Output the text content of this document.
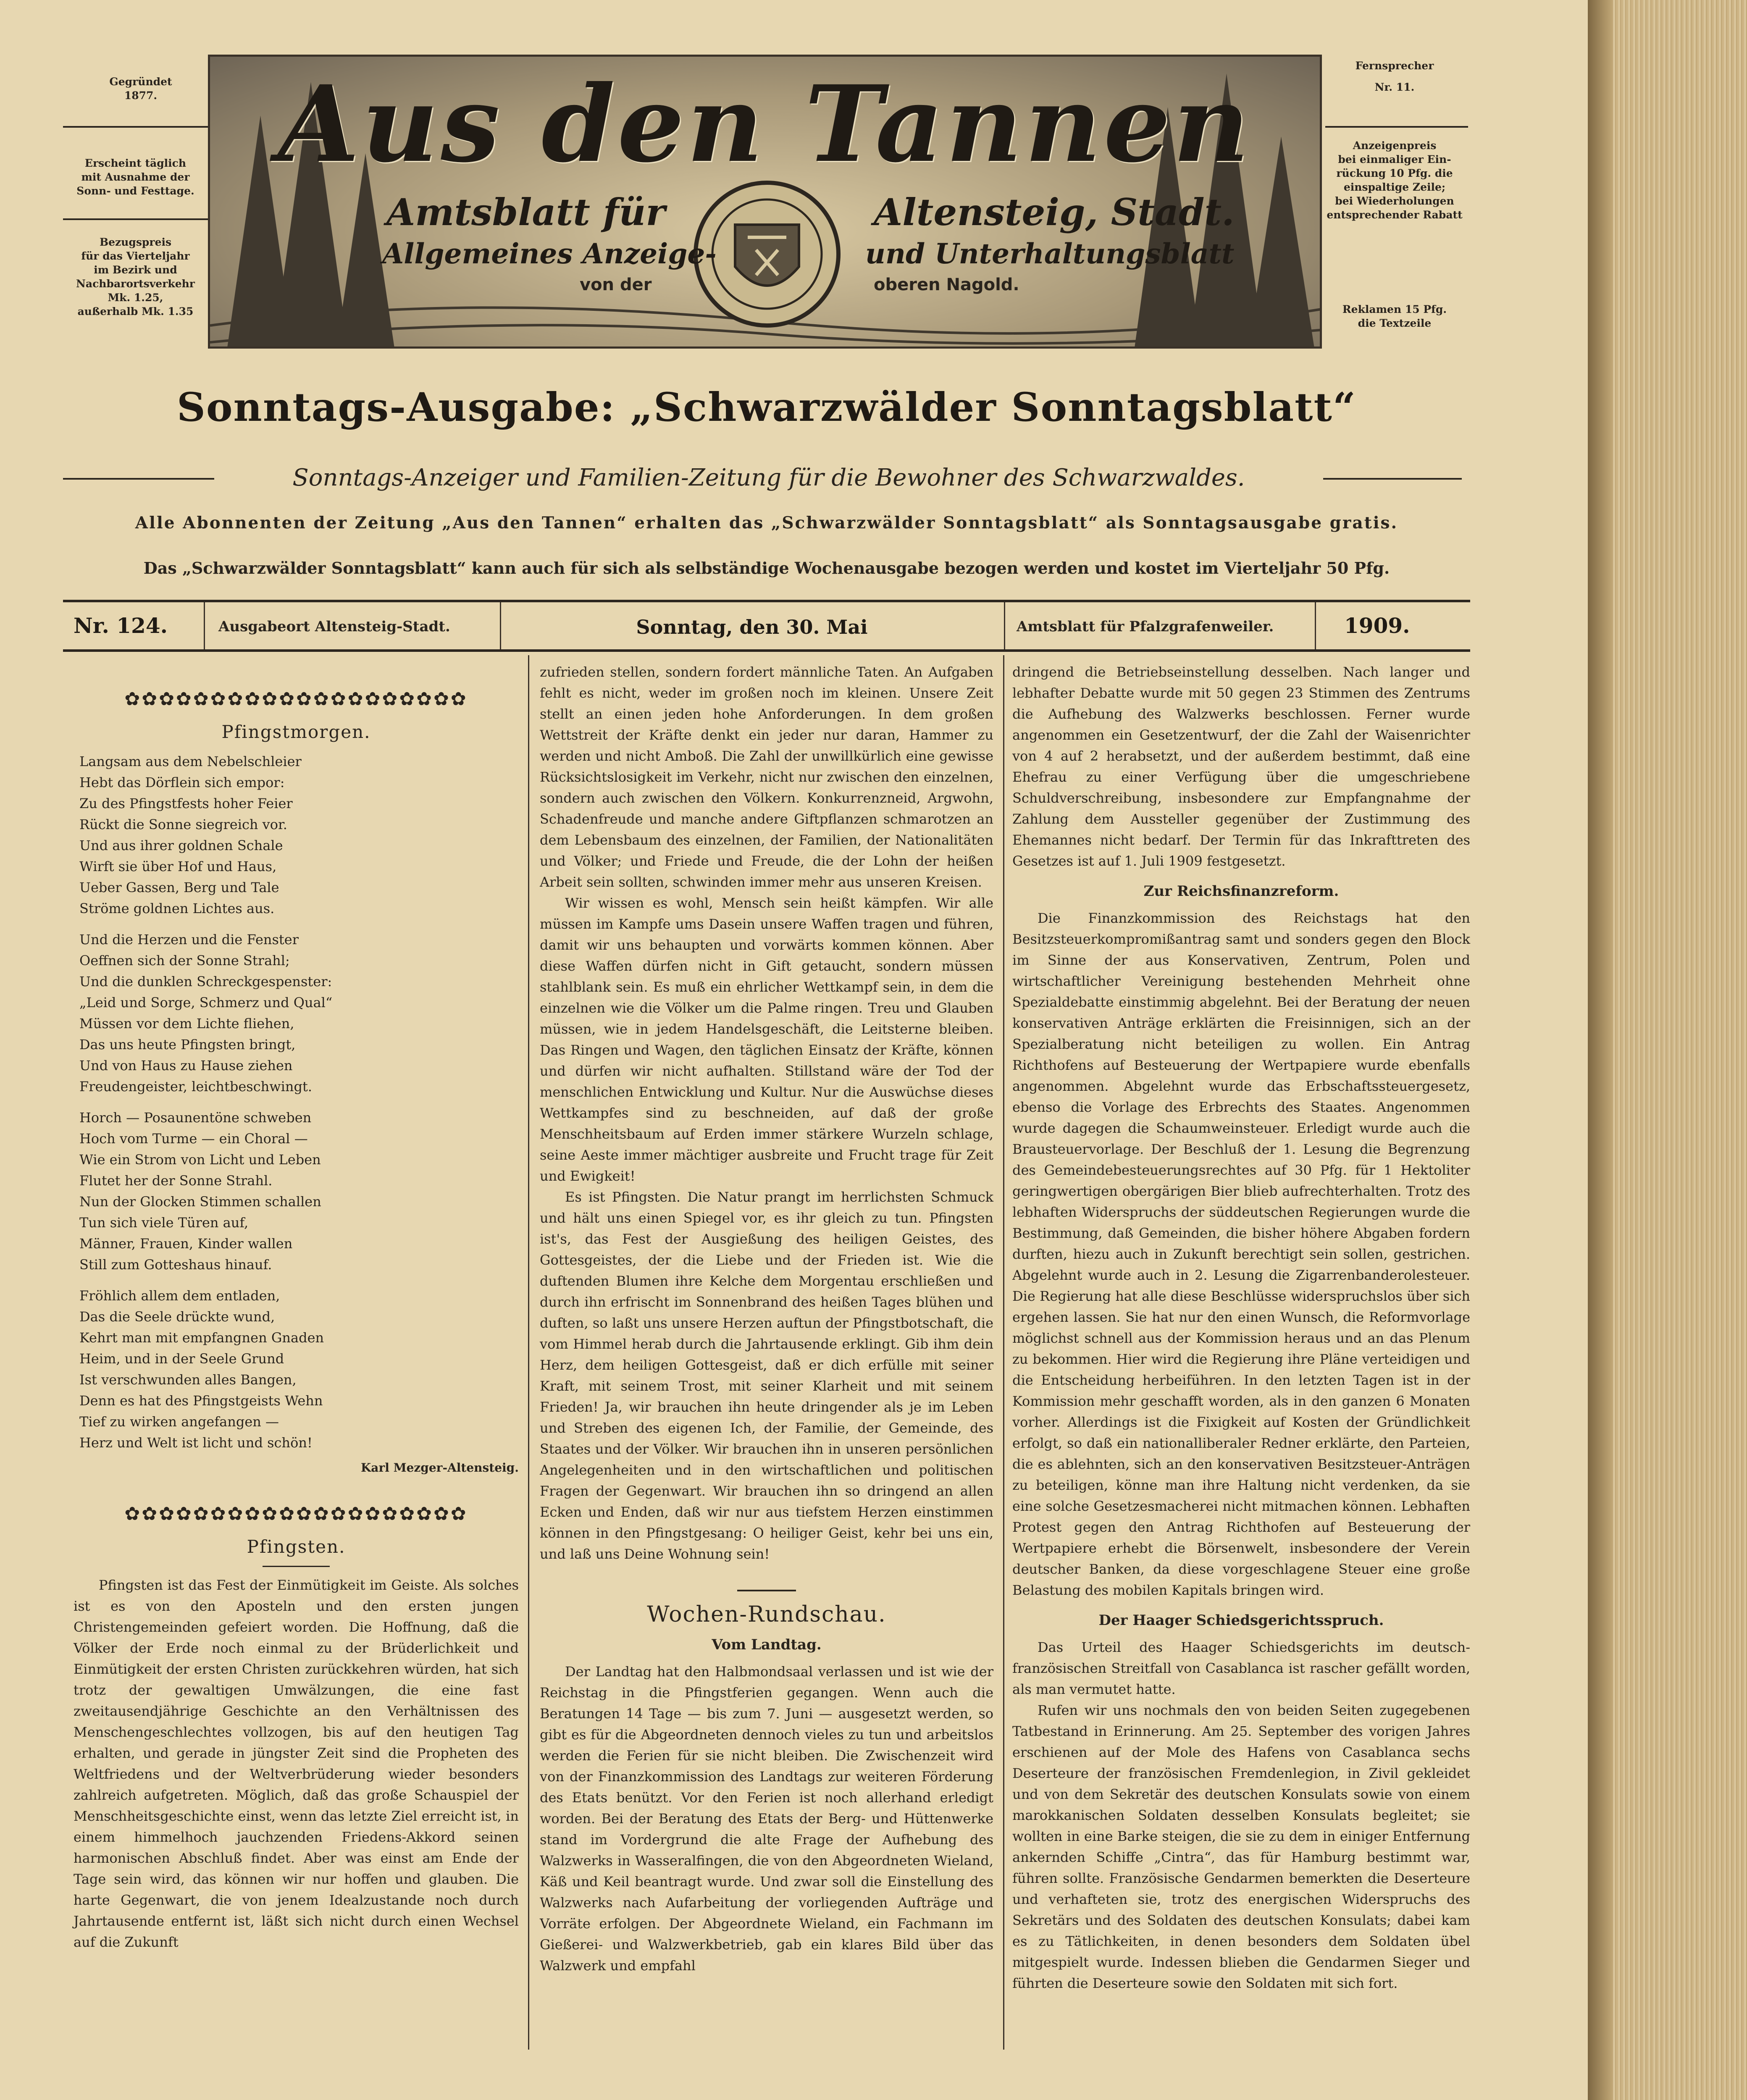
Gegründet
1877.
Erscheint täglich
mit Ausnahme der
Sonn- und Festtage.
Bezugspreis
für das Vierteljahr
im Bezirk und
Nachbarortsverkehr
Mk. 1.25,
außerhalb Mk. 1.35
Aus den Tannen
Amtsblatt für	Altensteig, Stadt.
Allgemeines Anzeige-	und Unterhaltungsblatt
von der	oberen Nagold.
Fernsprecher
Nr. 11.
Anzeigenpreis
bei einmaliger Ein-
rückung 10 Pfg. die
einspaltige Zeile;
bei Wiederholungen
entsprechender Rabatt
Reklamen 15 Pfg.
die Textzeile
Sonntags-Ausgabe: „Schwarzwälder Sonntagsblatt“
Sonntags-Anzeiger und Familien-Zeitung für die Bewohner des Schwarzwaldes.
Alle Abonnenten der Zeitung „Aus den Tannen“ erhalten das „Schwarzwälder Sonntagsblatt“ als Sonntagsausgabe gratis.
Das „Schwarzwälder Sonntagsblatt“ kann auch für sich als selbständige Wochenausgabe bezogen werden und kostet im Vierteljahr 50 Pfg.
Nr. 124.	Ausgabeort Altensteig-Stadt.	Sonntag, den 30. Mai	Amtsblatt für Pfalzgrafenweiler.	1909.
✿✿✿✿✿✿✿✿✿✿✿✿✿✿✿✿✿✿✿✿
Pfingstmorgen.
Langsam aus dem Nebelschleier
Hebt das Dörflein sich empor:
Zu des Pfingstfests hoher Feier
Rückt die Sonne siegreich vor.
Und aus ihrer goldnen Schale
Wirft sie über Hof und Haus,
Ueber Gassen, Berg und Tale
Ströme goldnen Lichtes aus.
Und die Herzen und die Fenster
Oeffnen sich der Sonne Strahl;
Und die dunklen Schreckgespenster:
„Leid und Sorge, Schmerz und Qual“
Müssen vor dem Lichte fliehen,
Das uns heute Pfingsten bringt,
Und von Haus zu Hause ziehen
Freudengeister, leichtbeschwingt.
Horch — Posaunentöne schweben
Hoch vom Turme — ein Choral —
Wie ein Strom von Licht und Leben
Flutet her der Sonne Strahl.
Nun der Glocken Stimmen schallen
Tun sich viele Türen auf,
Männer, Frauen, Kinder wallen
Still zum Gotteshaus hinauf.
Fröhlich allem dem entladen,
Das die Seele drückte wund,
Kehrt man mit empfangnen Gnaden
Heim, und in der Seele Grund
Ist verschwunden alles Bangen,
Denn es hat des Pfingstgeists Wehn
Tief zu wirken angefangen —
Herz und Welt ist licht und schön!
Karl Mezger-Altensteig.
✿✿✿✿✿✿✿✿✿✿✿✿✿✿✿✿✿✿✿✿
Pfingsten.

Pfingsten ist das Fest der Einmütigkeit im Geiste. Als solches ist es von den Aposteln und den ersten jungen Christengemeinden gefeiert worden. Die Hoffnung, daß die Völker der Erde noch einmal zu der Brüderlichkeit und Einmütigkeit der ersten Christen zurückkehren würden, hat sich trotz der gewaltigen Umwälzungen, die eine fast zweitausendjährige Geschichte an den Verhältnissen des Menschengeschlechtes vollzogen, bis auf den heutigen Tag erhalten, und gerade in jüngster Zeit sind die Propheten des Weltfriedens und der Weltverbrüderung wieder besonders zahlreich aufgetreten. Möglich, daß das große Schauspiel der Menschheitsgeschichte einst, wenn das letzte Ziel erreicht ist, in einem himmelhoch jauchzenden Friedens-Akkord seinen harmonischen Abschluß findet. Aber was einst am Ende der Tage sein wird, das können wir nur hoffen und glauben. Die harte Gegenwart, die von jenem Idealzustande noch durch Jahrtausende entfernt ist, läßt sich nicht durch einen Wechsel auf die Zukunft

zufrieden stellen, sondern fordert männliche Taten. An Aufgaben fehlt es nicht, weder im großen noch im kleinen. Unsere Zeit stellt an einen jeden hohe Anforderungen. In dem großen Wettstreit der Kräfte denkt ein jeder nur daran, Hammer zu werden und nicht Amboß. Die Zahl der unwillkürlich eine gewisse Rücksichtslosigkeit im Verkehr, nicht nur zwischen den einzelnen, sondern auch zwischen den Völkern. Konkurrenzneid, Argwohn, Schadenfreude und manche andere Giftpflanzen schmarotzen an dem Lebensbaum des einzelnen, der Familien, der Nationalitäten und Völker; und Friede und Freude, die der Lohn der heißen Arbeit sein sollten, schwinden immer mehr aus unseren Kreisen.

Wir wissen es wohl, Mensch sein heißt kämpfen. Wir alle müssen im Kampfe ums Dasein unsere Waffen tragen und führen, damit wir uns behaupten und vorwärts kommen können. Aber diese Waffen dürfen nicht in Gift getaucht, sondern müssen stahlblank sein. Es muß ein ehrlicher Wettkampf sein, in dem die einzelnen wie die Völker um die Palme ringen. Treu und Glauben müssen, wie in jedem Handelsgeschäft, die Leitsterne bleiben. Das Ringen und Wagen, den täglichen Einsatz der Kräfte, können und dürfen wir nicht aufhalten. Stillstand wäre der Tod der menschlichen Entwicklung und Kultur. Nur die Auswüchse dieses Wettkampfes sind zu beschneiden, auf daß der große Menschheitsbaum auf Erden immer stärkere Wurzeln schlage, seine Aeste immer mächtiger ausbreite und Frucht trage für Zeit und Ewigkeit!

Es ist Pfingsten. Die Natur prangt im herrlichsten Schmuck und hält uns einen Spiegel vor, es ihr gleich zu tun. Pfingsten ist's, das Fest der Ausgießung des heiligen Geistes, des Gottesgeistes, der die Liebe und der Frieden ist. Wie die duftenden Blumen ihre Kelche dem Morgentau erschließen und durch ihn erfrischt im Sonnenbrand des heißen Tages blühen und duften, so laßt uns unsere Herzen auftun der Pfingstbotschaft, die vom Himmel herab durch die Jahrtausende erklingt. Gib ihm dein Herz, dem heiligen Gottesgeist, daß er dich erfülle mit seiner Kraft, mit seinem Trost, mit seiner Klarheit und mit seinem Frieden! Ja, wir brauchen ihn heute dringender als je im Leben und Streben des eigenen Ich, der Familie, der Gemeinde, des Staates und der Völker. Wir brauchen ihn in unseren persönlichen Angelegenheiten und in den wirtschaftlichen und politischen Fragen der Gegenwart. Wir brauchen ihn so dringend an allen Ecken und Enden, daß wir nur aus tiefstem Herzen einstimmen können in den Pfingstgesang: O heiliger Geist, kehr bei uns ein, und laß uns Deine Wohnung sein!

Wochen-Rundschau.
Vom Landtag.

Der Landtag hat den Halbmondsaal verlassen und ist wie der Reichstag in die Pfingstferien gegangen. Wenn auch die Beratungen 14 Tage — bis zum 7. Juni — ausgesetzt werden, so gibt es für die Abgeordneten dennoch vieles zu tun und arbeitslos werden die Ferien für sie nicht bleiben. Die Zwischenzeit wird von der Finanzkommission des Landtags zur weiteren Förderung des Etats benützt. Vor den Ferien ist noch allerhand erledigt worden. Bei der Beratung des Etats der Berg- und Hüttenwerke stand im Vordergrund die alte Frage der Aufhebung des Walzwerks in Wasseralfingen, die von den Abgeordneten Wieland, Käß und Keil beantragt wurde. Und zwar soll die Einstellung des Walzwerks nach Aufarbeitung der vorliegenden Aufträge und Vorräte erfolgen. Der Abgeordnete Wieland, ein Fachmann im Gießerei- und Walzwerkbetrieb, gab ein klares Bild über das Walzwerk und empfahl

dringend die Betriebseinstellung desselben. Nach langer und lebhafter Debatte wurde mit 50 gegen 23 Stimmen des Zentrums die Aufhebung des Walzwerks beschlossen. Ferner wurde angenommen ein Gesetzentwurf, der die Zahl der Waisenrichter von 4 auf 2 herabsetzt, und der außerdem bestimmt, daß eine Ehefrau zu einer Verfügung über die umgeschriebene Schuldverschreibung, insbesondere zur Empfangnahme der Zahlung dem Aussteller gegenüber der Zustimmung des Ehemannes nicht bedarf. Der Termin für das Inkrafttreten des Gesetzes ist auf 1. Juli 1909 festgesetzt.

Zur Reichsfinanzreform.

Die Finanzkommission des Reichstags hat den Besitzsteuerkompromißantrag samt und sonders gegen den Block im Sinne der aus Konservativen, Zentrum, Polen und wirtschaftlicher Vereinigung bestehenden Mehrheit ohne Spezialdebatte einstimmig abgelehnt. Bei der Beratung der neuen konservativen Anträge erklärten die Freisinnigen, sich an der Spezialberatung nicht beteiligen zu wollen. Ein Antrag Richthofens auf Besteuerung der Wertpapiere wurde ebenfalls angenommen. Abgelehnt wurde das Erbschaftssteuergesetz, ebenso die Vorlage des Erbrechts des Staates. Angenommen wurde dagegen die Schaumweinsteuer. Erledigt wurde auch die Brausteuervorlage. Der Beschluß der 1. Lesung die Begrenzung des Gemeindebesteuerungsrechtes auf 30 Pfg. für 1 Hektoliter geringwertigen obergärigen Bier blieb aufrechterhalten. Trotz des lebhaften Widerspruchs der süddeutschen Regierungen wurde die Bestimmung, daß Gemeinden, die bisher höhere Abgaben fordern durften, hiezu auch in Zukunft berechtigt sein sollen, gestrichen. Abgelehnt wurde auch in 2. Lesung die Zigarrenbanderolesteuer. Die Regierung hat alle diese Beschlüsse widerspruchslos über sich ergehen lassen. Sie hat nur den einen Wunsch, die Reformvorlage möglichst schnell aus der Kommission heraus und an das Plenum zu bekommen. Hier wird die Regierung ihre Pläne verteidigen und die Entscheidung herbeiführen. In den letzten Tagen ist in der Kommission mehr geschafft worden, als in den ganzen 6 Monaten vorher. Allerdings ist die Fixigkeit auf Kosten der Gründlichkeit erfolgt, so daß ein nationalliberaler Redner erklärte, den Parteien, die es ablehnten, sich an den konservativen Besitzsteuer-Anträgen zu beteiligen, könne man ihre Haltung nicht verdenken, da sie eine solche Gesetzesmacherei nicht mitmachen können. Lebhaften Protest gegen den Antrag Richthofen auf Besteuerung der Wertpapiere erhebt die Börsenwelt, insbesondere der Verein deutscher Banken, da diese vorgeschlagene Steuer eine große Belastung des mobilen Kapitals bringen wird.

Der Haager Schiedsgerichtsspruch.

Das Urteil des Haager Schiedsgerichts im deutsch-französischen Streitfall von Casablanca ist rascher gefällt worden, als man vermutet hatte.

Rufen wir uns nochmals den von beiden Seiten zugegebenen Tatbestand in Erinnerung. Am 25. September des vorigen Jahres erschienen auf der Mole des Hafens von Casablanca sechs Deserteure der französischen Fremdenlegion, in Zivil gekleidet und von dem Sekretär des deutschen Konsulats sowie von einem marokkanischen Soldaten desselben Konsulats begleitet; sie wollten in eine Barke steigen, die sie zu dem in einiger Entfernung ankernden Schiffe „Cintra“, das für Hamburg bestimmt war, führen sollte. Französische Gendarmen bemerkten die Deserteure und verhafteten sie, trotz des energischen Widerspruchs des Sekretärs und des Soldaten des deutschen Konsulats; dabei kam es zu Tätlichkeiten, in denen besonders dem Soldaten übel mitgespielt wurde. Indessen blieben die Gendarmen Sieger und führten die Deserteure sowie den Soldaten mit sich fort.
